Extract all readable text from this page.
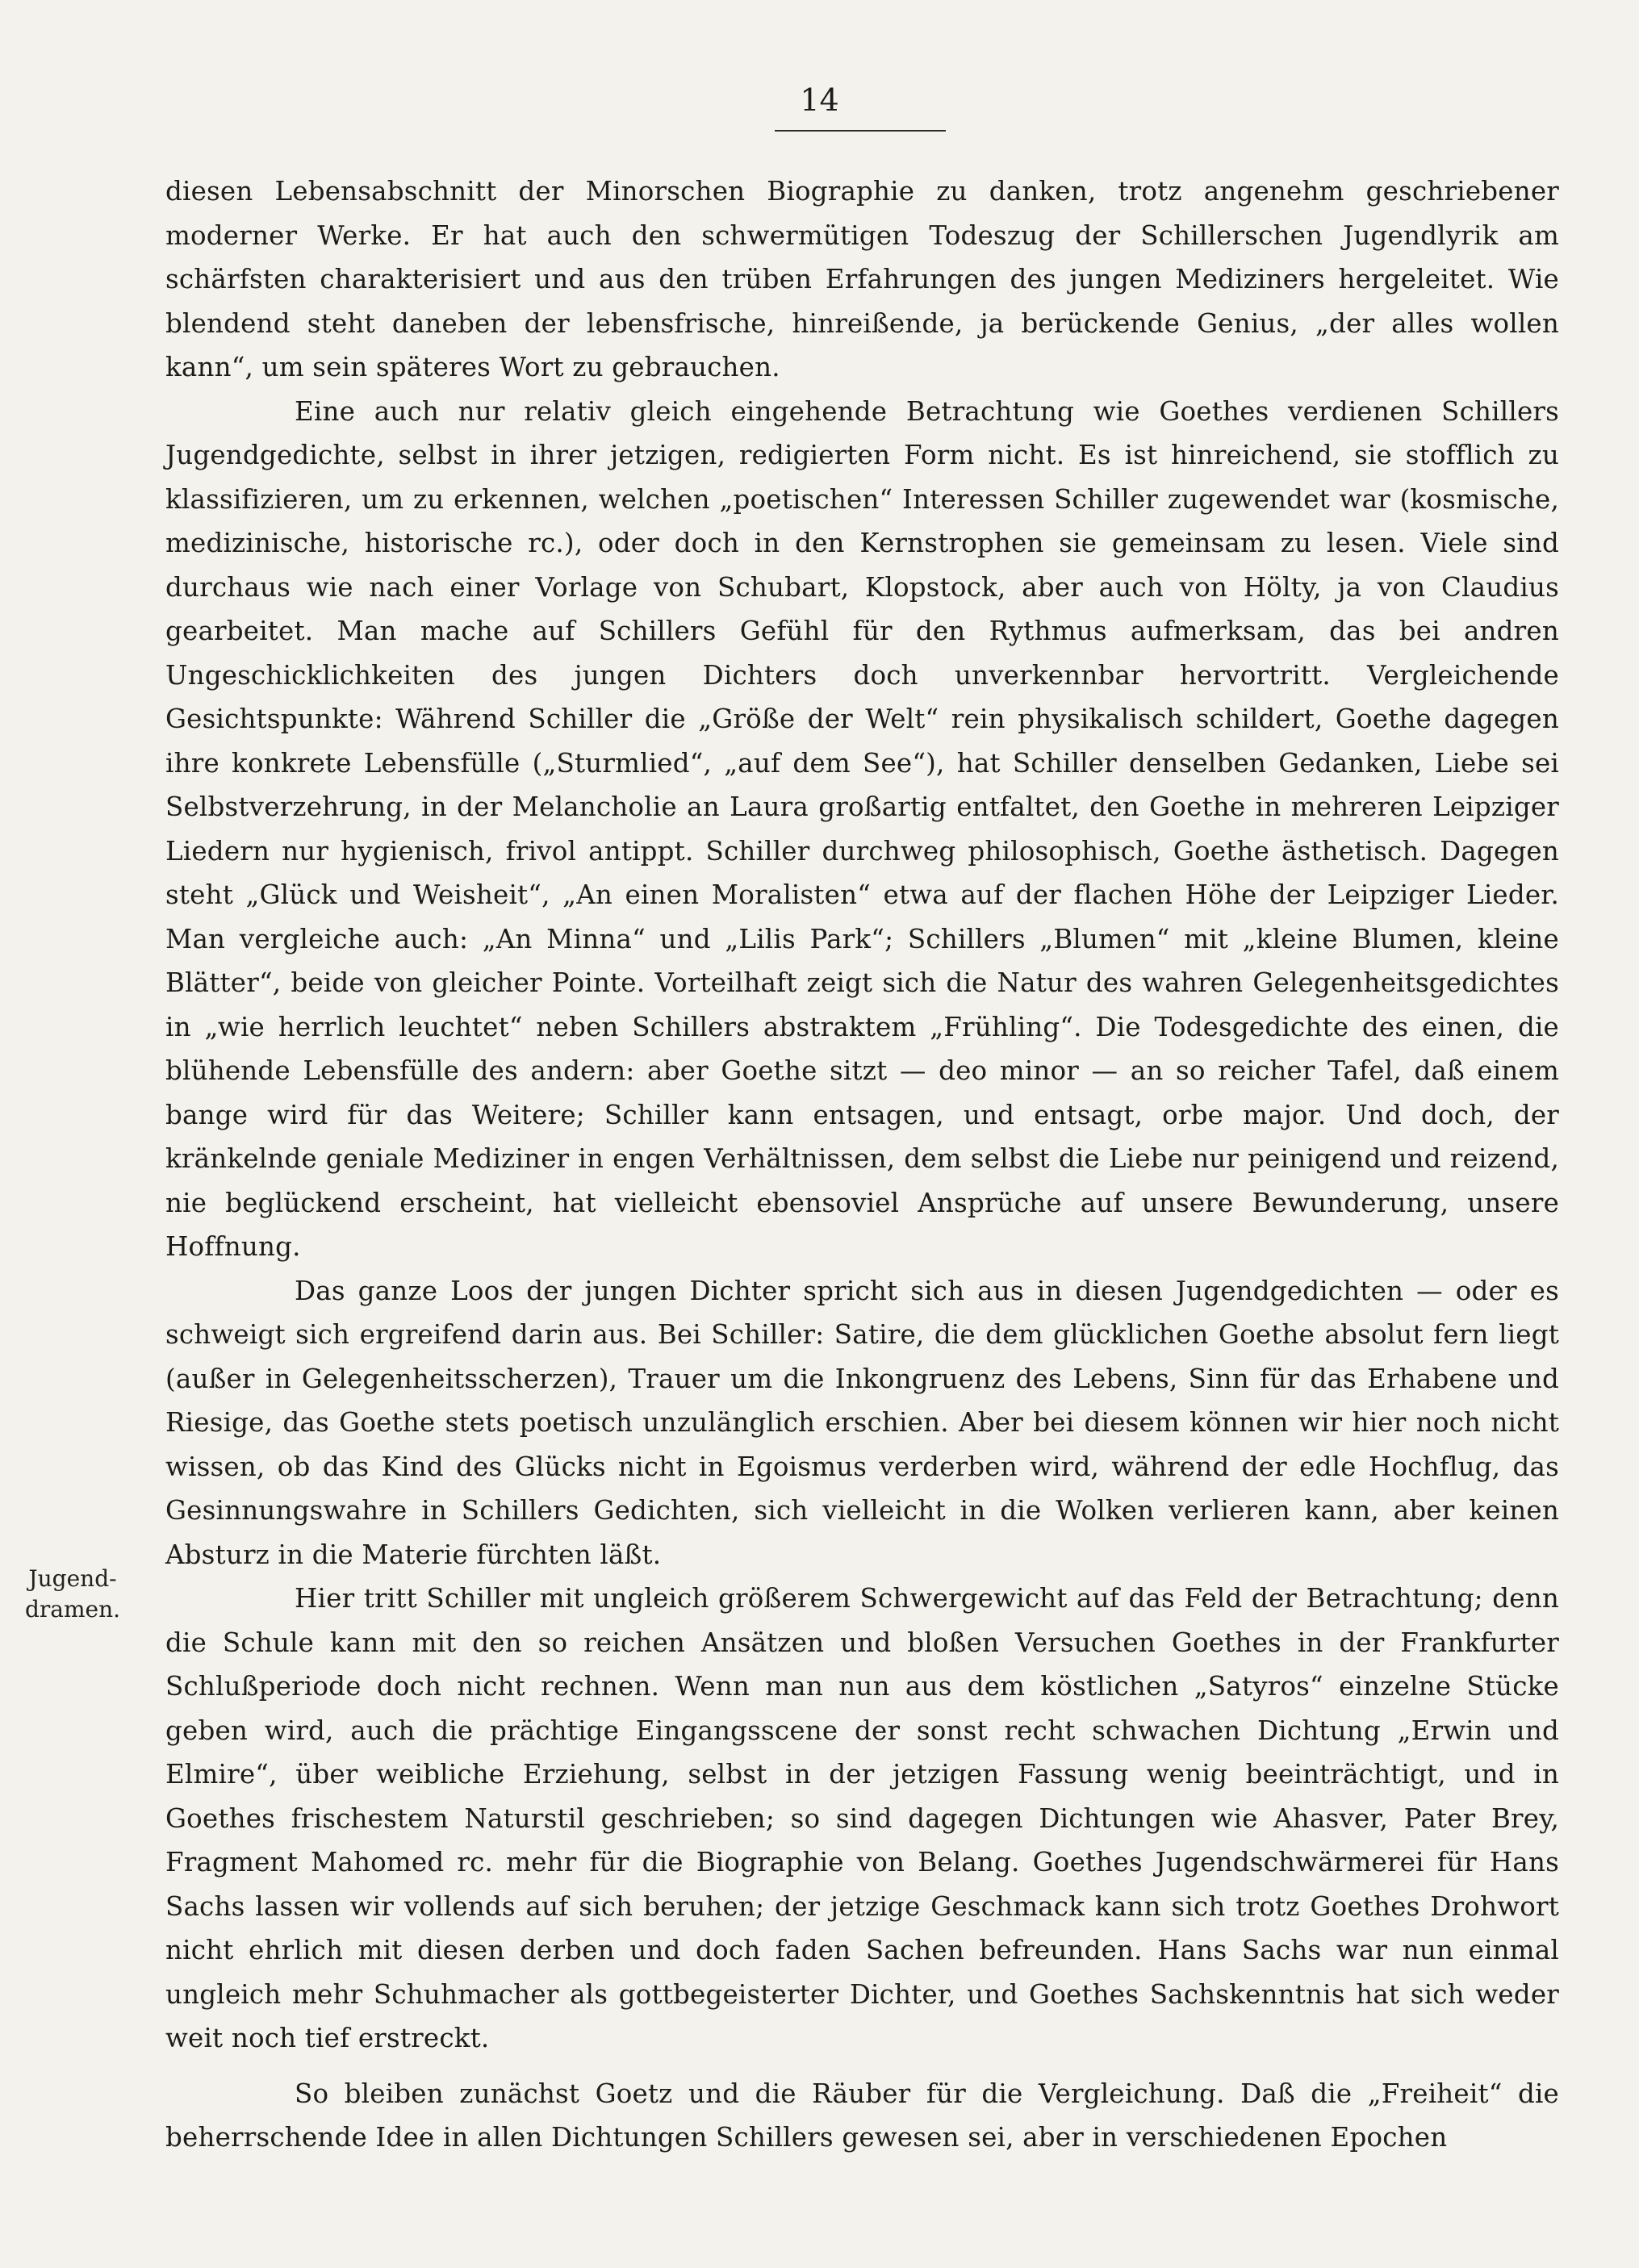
14
Jugend-dramen.

diesen Lebensabschnitt der Minorschen Biographie zu danken, trotz angenehm geschriebener moderner Werke. Er hat auch den schwermütigen Todeszug der Schillerschen Jugendlyrik am schärfsten charakterisiert und aus den trüben Erfahrungen des jungen Mediziners hergeleitet. Wie blendend steht daneben der lebensfrische, hinreißende, ja berückende Genius, „der alles wollen kann“, um sein späteres Wort zu gebrauchen.

Eine auch nur relativ gleich eingehende Betrachtung wie Goethes verdienen Schillers Jugendgedichte, selbst in ihrer jetzigen, redigierten Form nicht. Es ist hinreichend, sie stofflich zu klassifizieren, um zu erkennen, welchen „poetischen“ Interessen Schiller zugewendet war (kosmische, medizinische, historische rc.), oder doch in den Kernstrophen sie gemeinsam zu lesen. Viele sind durchaus wie nach einer Vorlage von Schubart, Klopstock, aber auch von Hölty, ja von Claudius gearbeitet. Man mache auf Schillers Gefühl für den Rythmus aufmerksam, das bei andren Ungeschicklichkeiten des jungen Dichters doch unverkennbar hervortritt. Vergleichende Gesichtspunkte: Während Schiller die „Größe der Welt“ rein physikalisch schildert, Goethe dagegen ihre konkrete Lebensfülle („Sturmlied“, „auf dem See“), hat Schiller denselben Gedanken, Liebe sei Selbstverzehrung, in der Melancholie an Laura großartig entfaltet, den Goethe in mehreren Leipziger Liedern nur hygienisch, frivol antippt. Schiller durchweg philosophisch, Goethe ästhetisch. Dagegen steht „Glück und Weisheit“, „An einen Moralisten“ etwa auf der flachen Höhe der Leipziger Lieder. Man vergleiche auch: „An Minna“ und „Lilis Park“; Schillers „Blumen“ mit „kleine Blumen, kleine Blätter“, beide von gleicher Pointe. Vorteilhaft zeigt sich die Natur des wahren Gelegenheitsgedichtes in „wie herrlich leuchtet“ neben Schillers abstraktem „Frühling“. Die Todesgedichte des einen, die blühende Lebensfülle des andern: aber Goethe sitzt — deo minor — an so reicher Tafel, daß einem bange wird für das Weitere; Schiller kann entsagen, und entsagt, orbe major. Und doch, der kränkelnde geniale Mediziner in engen Verhältnissen, dem selbst die Liebe nur peinigend und reizend, nie beglückend erscheint, hat vielleicht ebensoviel Ansprüche auf unsere Bewunderung, unsere Hoffnung.

Das ganze Loos der jungen Dichter spricht sich aus in diesen Jugendgedichten — oder es schweigt sich ergreifend darin aus. Bei Schiller: Satire, die dem glücklichen Goethe absolut fern liegt (außer in Gelegenheitsscherzen), Trauer um die Inkongruenz des Lebens, Sinn für das Erhabene und Riesige, das Goethe stets poetisch unzulänglich erschien. Aber bei diesem können wir hier noch nicht wissen, ob das Kind des Glücks nicht in Egoismus verderben wird, während der edle Hochflug, das Gesinnungswahre in Schillers Gedichten, sich vielleicht in die Wolken verlieren kann, aber keinen Absturz in die Materie fürchten läßt.

Hier tritt Schiller mit ungleich größerem Schwergewicht auf das Feld der Betrachtung; denn die Schule kann mit den so reichen Ansätzen und bloßen Versuchen Goethes in der Frankfurter Schlußperiode doch nicht rechnen. Wenn man nun aus dem köstlichen „Satyros“ einzelne Stücke geben wird, auch die prächtige Eingangsscene der sonst recht schwachen Dichtung „Erwin und Elmire“, über weibliche Erziehung, selbst in der jetzigen Fassung wenig beeinträchtigt, und in Goethes frischestem Naturstil geschrieben; so sind dagegen Dichtungen wie Ahasver, Pater Brey, Fragment Mahomed rc. mehr für die Biographie von Belang. Goethes Jugendschwärmerei für Hans Sachs lassen wir vollends auf sich beruhen; der jetzige Geschmack kann sich trotz Goethes Drohwort nicht ehrlich mit diesen derben und doch faden Sachen befreunden. Hans Sachs war nun einmal ungleich mehr Schuhmacher als gottbegeisterter Dichter, und Goethes Sachskenntnis hat sich weder weit noch tief erstreckt.

So bleiben zunächst Goetz und die Räuber für die Vergleichung. Daß die „Freiheit“ die beherrschende Idee in allen Dichtungen Schillers gewesen sei, aber in verschiedenen Epochen
